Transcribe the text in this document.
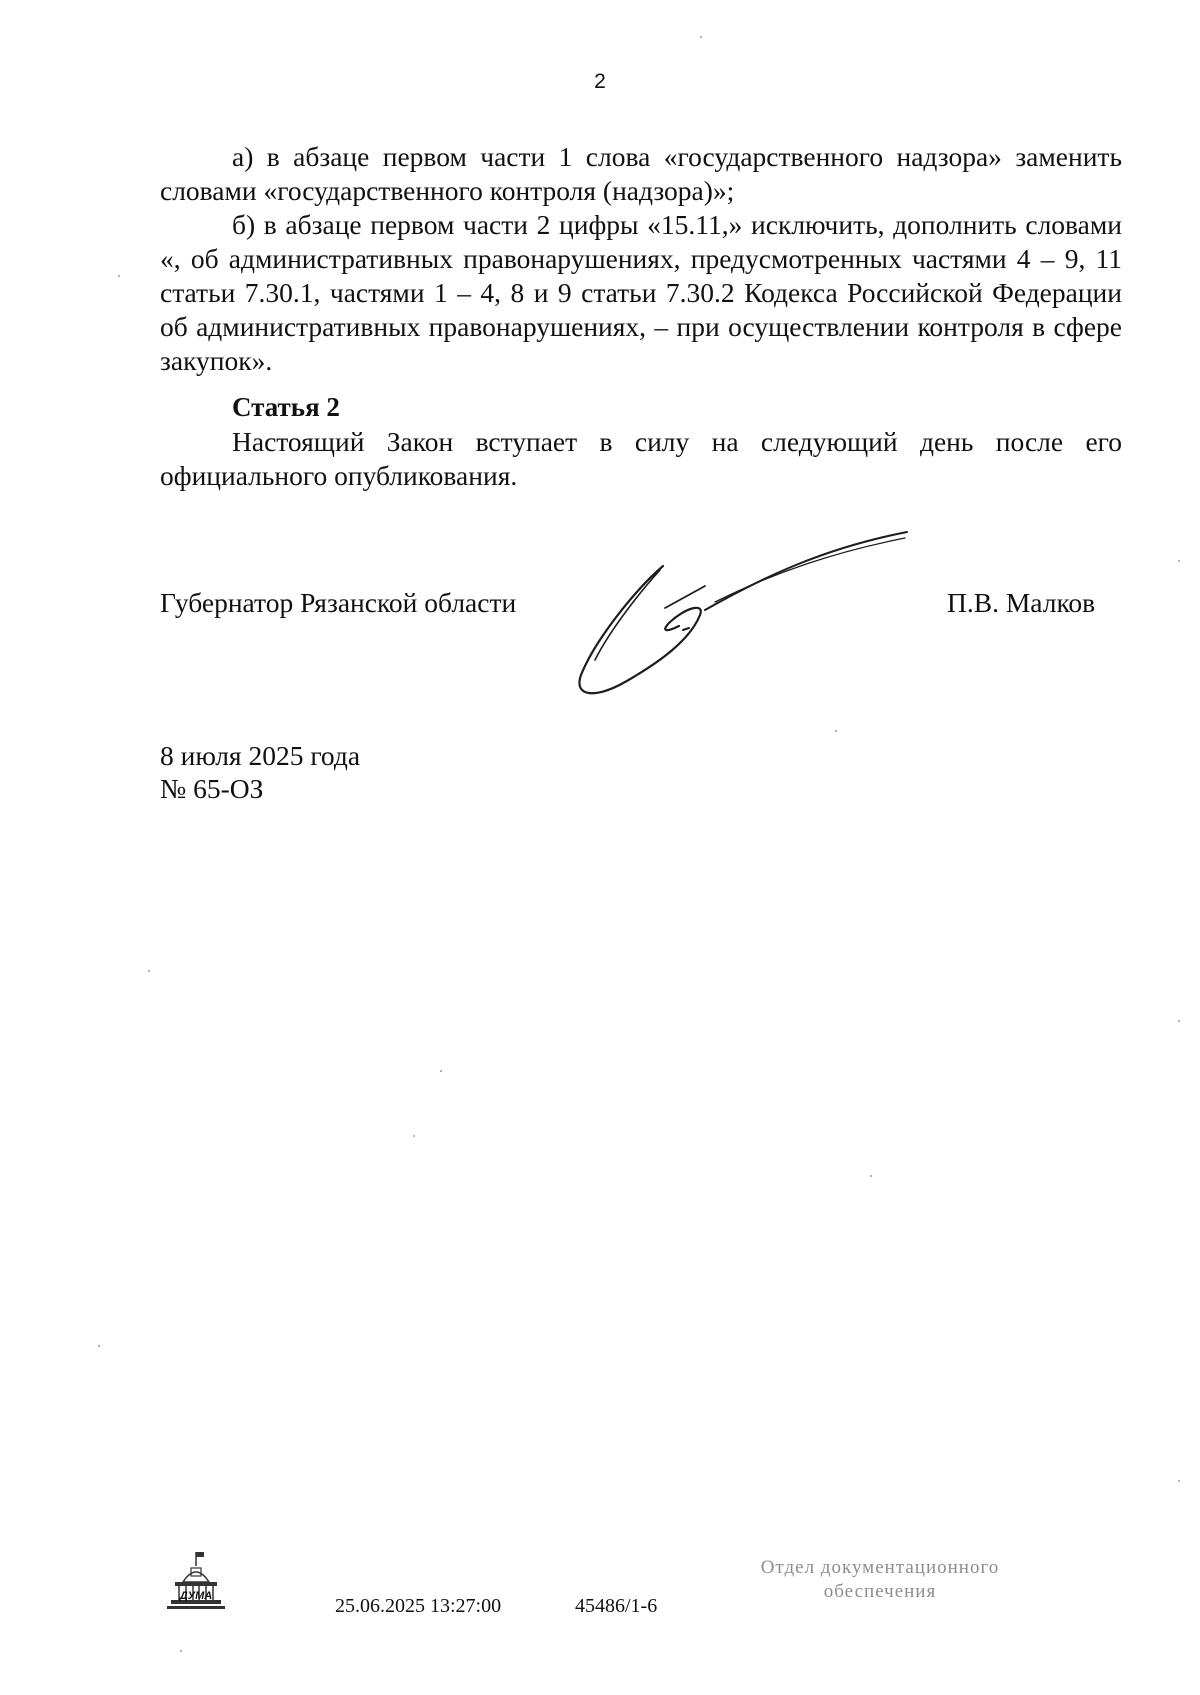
2

а) в абзаце первом части 1 слова «государственного надзора» заменить словами «государственного контроля (надзора)»;

б) в абзаце первом части 2 цифры «15.11,» исключить, дополнить словами «, об административных правонарушениях, предусмотренных частями 4 – 9, 11 статьи 7.30.1, частями 1 – 4, 8 и 9 статьи 7.30.2 Кодекса Российской Федерации об административных правонарушениях, – при осуществлении контроля в сфере закупок».

Статья 2

Настоящий Закон вступает в силу на следующий день после его официального опубликования.

Губернатор Рязанской области	П.В. Малков

8 июля 2025 года

№ 65-ОЗ

ДУМА	25.06.2025 13:27:00	45486/1-6
Отдел документационного
обеспечения
